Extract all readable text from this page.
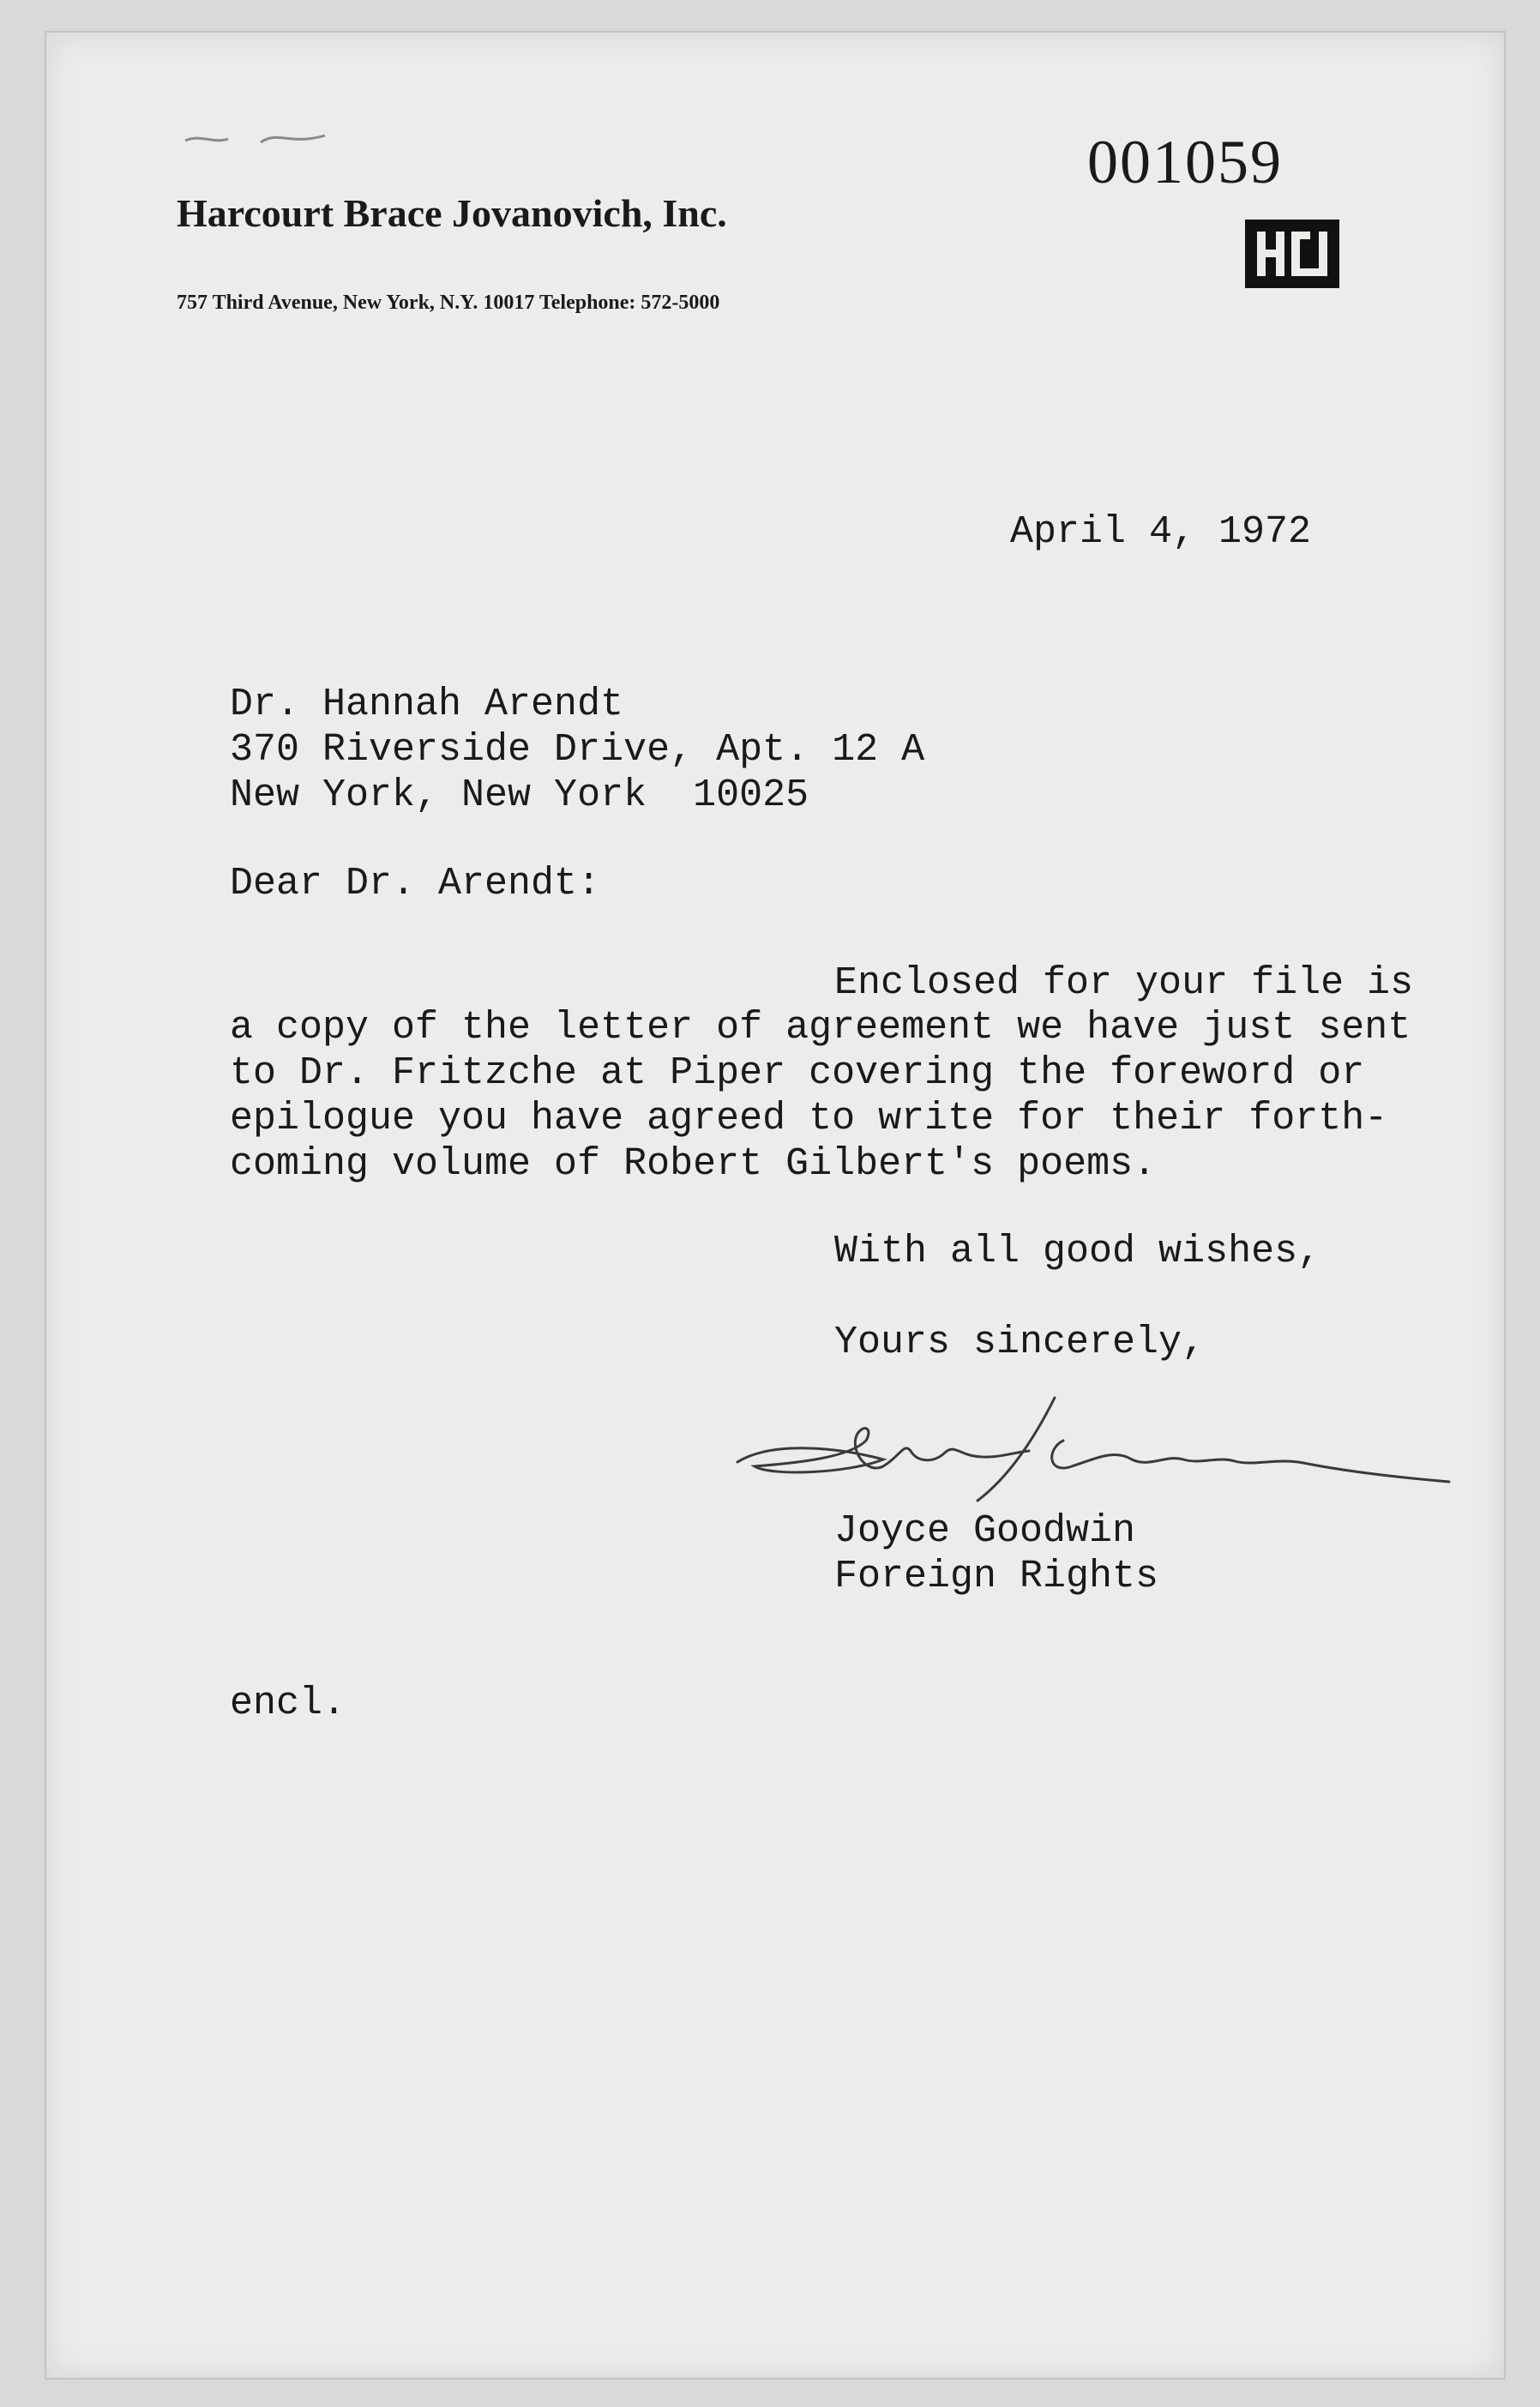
001059
Harcourt Brace Jovanovich, Inc.
757 Third Avenue, New York, N.Y. 10017 Telephone: 572-5000
April 4, 1972
Dr. Hannah Arendt
370 Riverside Drive, Apt. 12 A
New York, New York  10025
Dear Dr. Arendt:
Enclosed for your file is
a copy of the letter of agreement we have just sent
to Dr. Fritzche at Piper covering the foreword or
epilogue you have agreed to write for their forth-
coming volume of Robert Gilbert's poems.
With all good wishes,
Yours sincerely,
Joyce Goodwin
Foreign Rights
encl.
